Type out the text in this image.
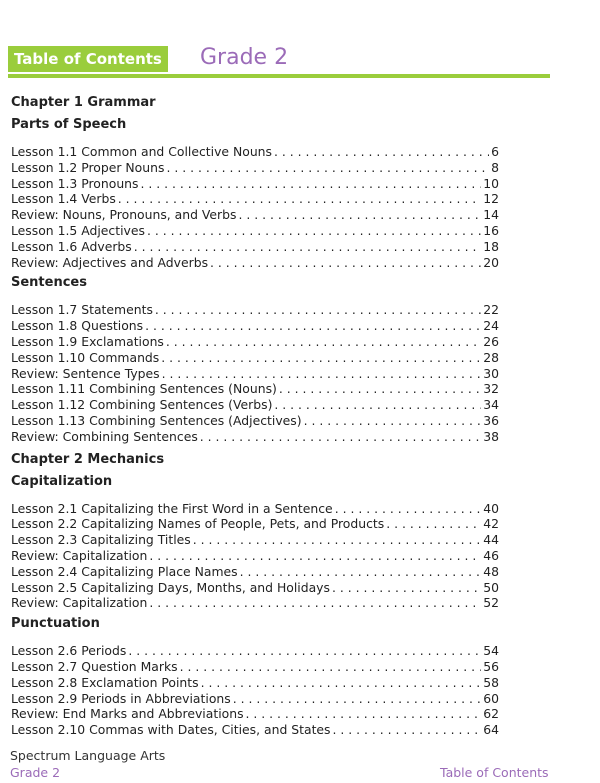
Table of Contents Grade 2
Chapter 1 Grammar
Parts of Speech
Lesson 1.1 Common and Collective Nouns . . .	6
Lesson 1.2 Proper Nouns . . .	8
Lesson 1.3 Pronouns . . .	10
Lesson 1.4 Verbs . . .	12
Review: Nouns, Pronouns, and Verbs . . .	14
Lesson 1.5 Adjectives . . .	16
Lesson 1.6 Adverbs . . .	18
Review: Adjectives and Adverbs . . .	20
Sentences
Lesson 1.7 Statements . . .	22
Lesson 1.8 Questions . . .	24
Lesson 1.9 Exclamations . . .	26
Lesson 1.10 Commands . . .	28
Review: Sentence Types . . .	30
Lesson 1.11 Combining Sentences (Nouns) . . .	32
Lesson 1.12 Combining Sentences (Verbs) . . .	34
Lesson 1.13 Combining Sentences (Adjectives) . . .	36
Review: Combining Sentences . . .	38
Chapter 2 Mechanics
Capitalization
Lesson 2.1 Capitalizing the First Word in a Sentence . . .	40
Lesson 2.2 Capitalizing Names of People, Pets, and Products . . .	42
Lesson 2.3 Capitalizing Titles . . .	44
Review: Capitalization . . .	46
Lesson 2.4 Capitalizing Place Names . . .	48
Lesson 2.5 Capitalizing Days, Months, and Holidays . . .	50
Review: Capitalization . . .	52
Punctuation
Lesson 2.6 Periods . . .	54
Lesson 2.7 Question Marks . . .	56
Lesson 2.8 Exclamation Points . . .	58
Lesson 2.9 Periods in Abbreviations . . .	60
Review: End Marks and Abbreviations . . .	62
Lesson 2.10 Commas with Dates, Cities, and States . . .	64
Spectrum Language Arts
Grade 2	Table of Contents
